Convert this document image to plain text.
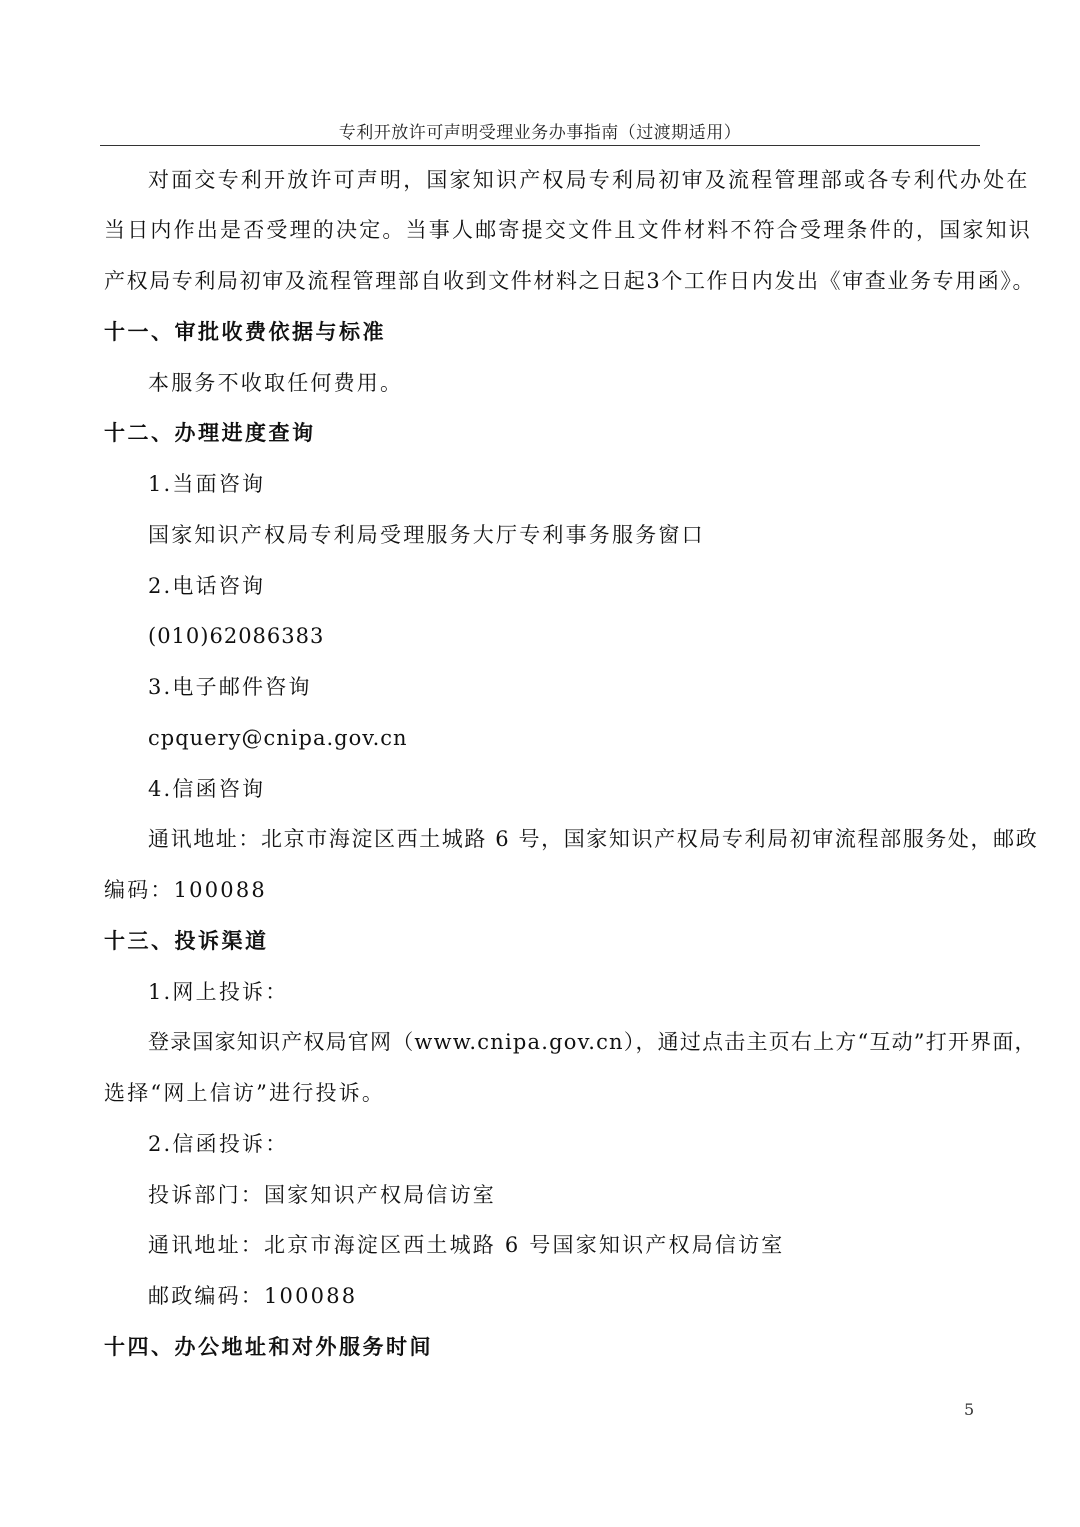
专利开放许可声明受理业务办事指南（过渡期适用）
对面交专利开放许可声明，国家知识产权局专利局初审及流程管理部或各专利代办处在
当日内作出是否受理的决定。当事人邮寄提交文件且文件材料不符合受理条件的，国家知识
产权局专利局初审及流程管理部自收到文件材料之日起3个工作日内发出《审查业务专用函》。
十一、审批收费依据与标准
本服务不收取任何费用。
十二、办理进度查询
1.当面咨询
国家知识产权局专利局受理服务大厅专利事务服务窗口
2.电话咨询
(010)62086383
3.电子邮件咨询
cpquery@cnipa.gov.cn
4.信函咨询
通讯地址：北京市海淀区西土城路 6 号，国家知识产权局专利局初审流程部服务处，邮政
编码：100088
十三、投诉渠道
1.网上投诉：
登录国家知识产权局官网（www.cnipa.gov.cn），通过点击主页右上方“互动”打开界面，
选择“网上信访”进行投诉。
2.信函投诉：
投诉部门：国家知识产权局信访室
通讯地址：北京市海淀区西土城路 6 号国家知识产权局信访室
邮政编码：100088
十四、办公地址和对外服务时间
5
